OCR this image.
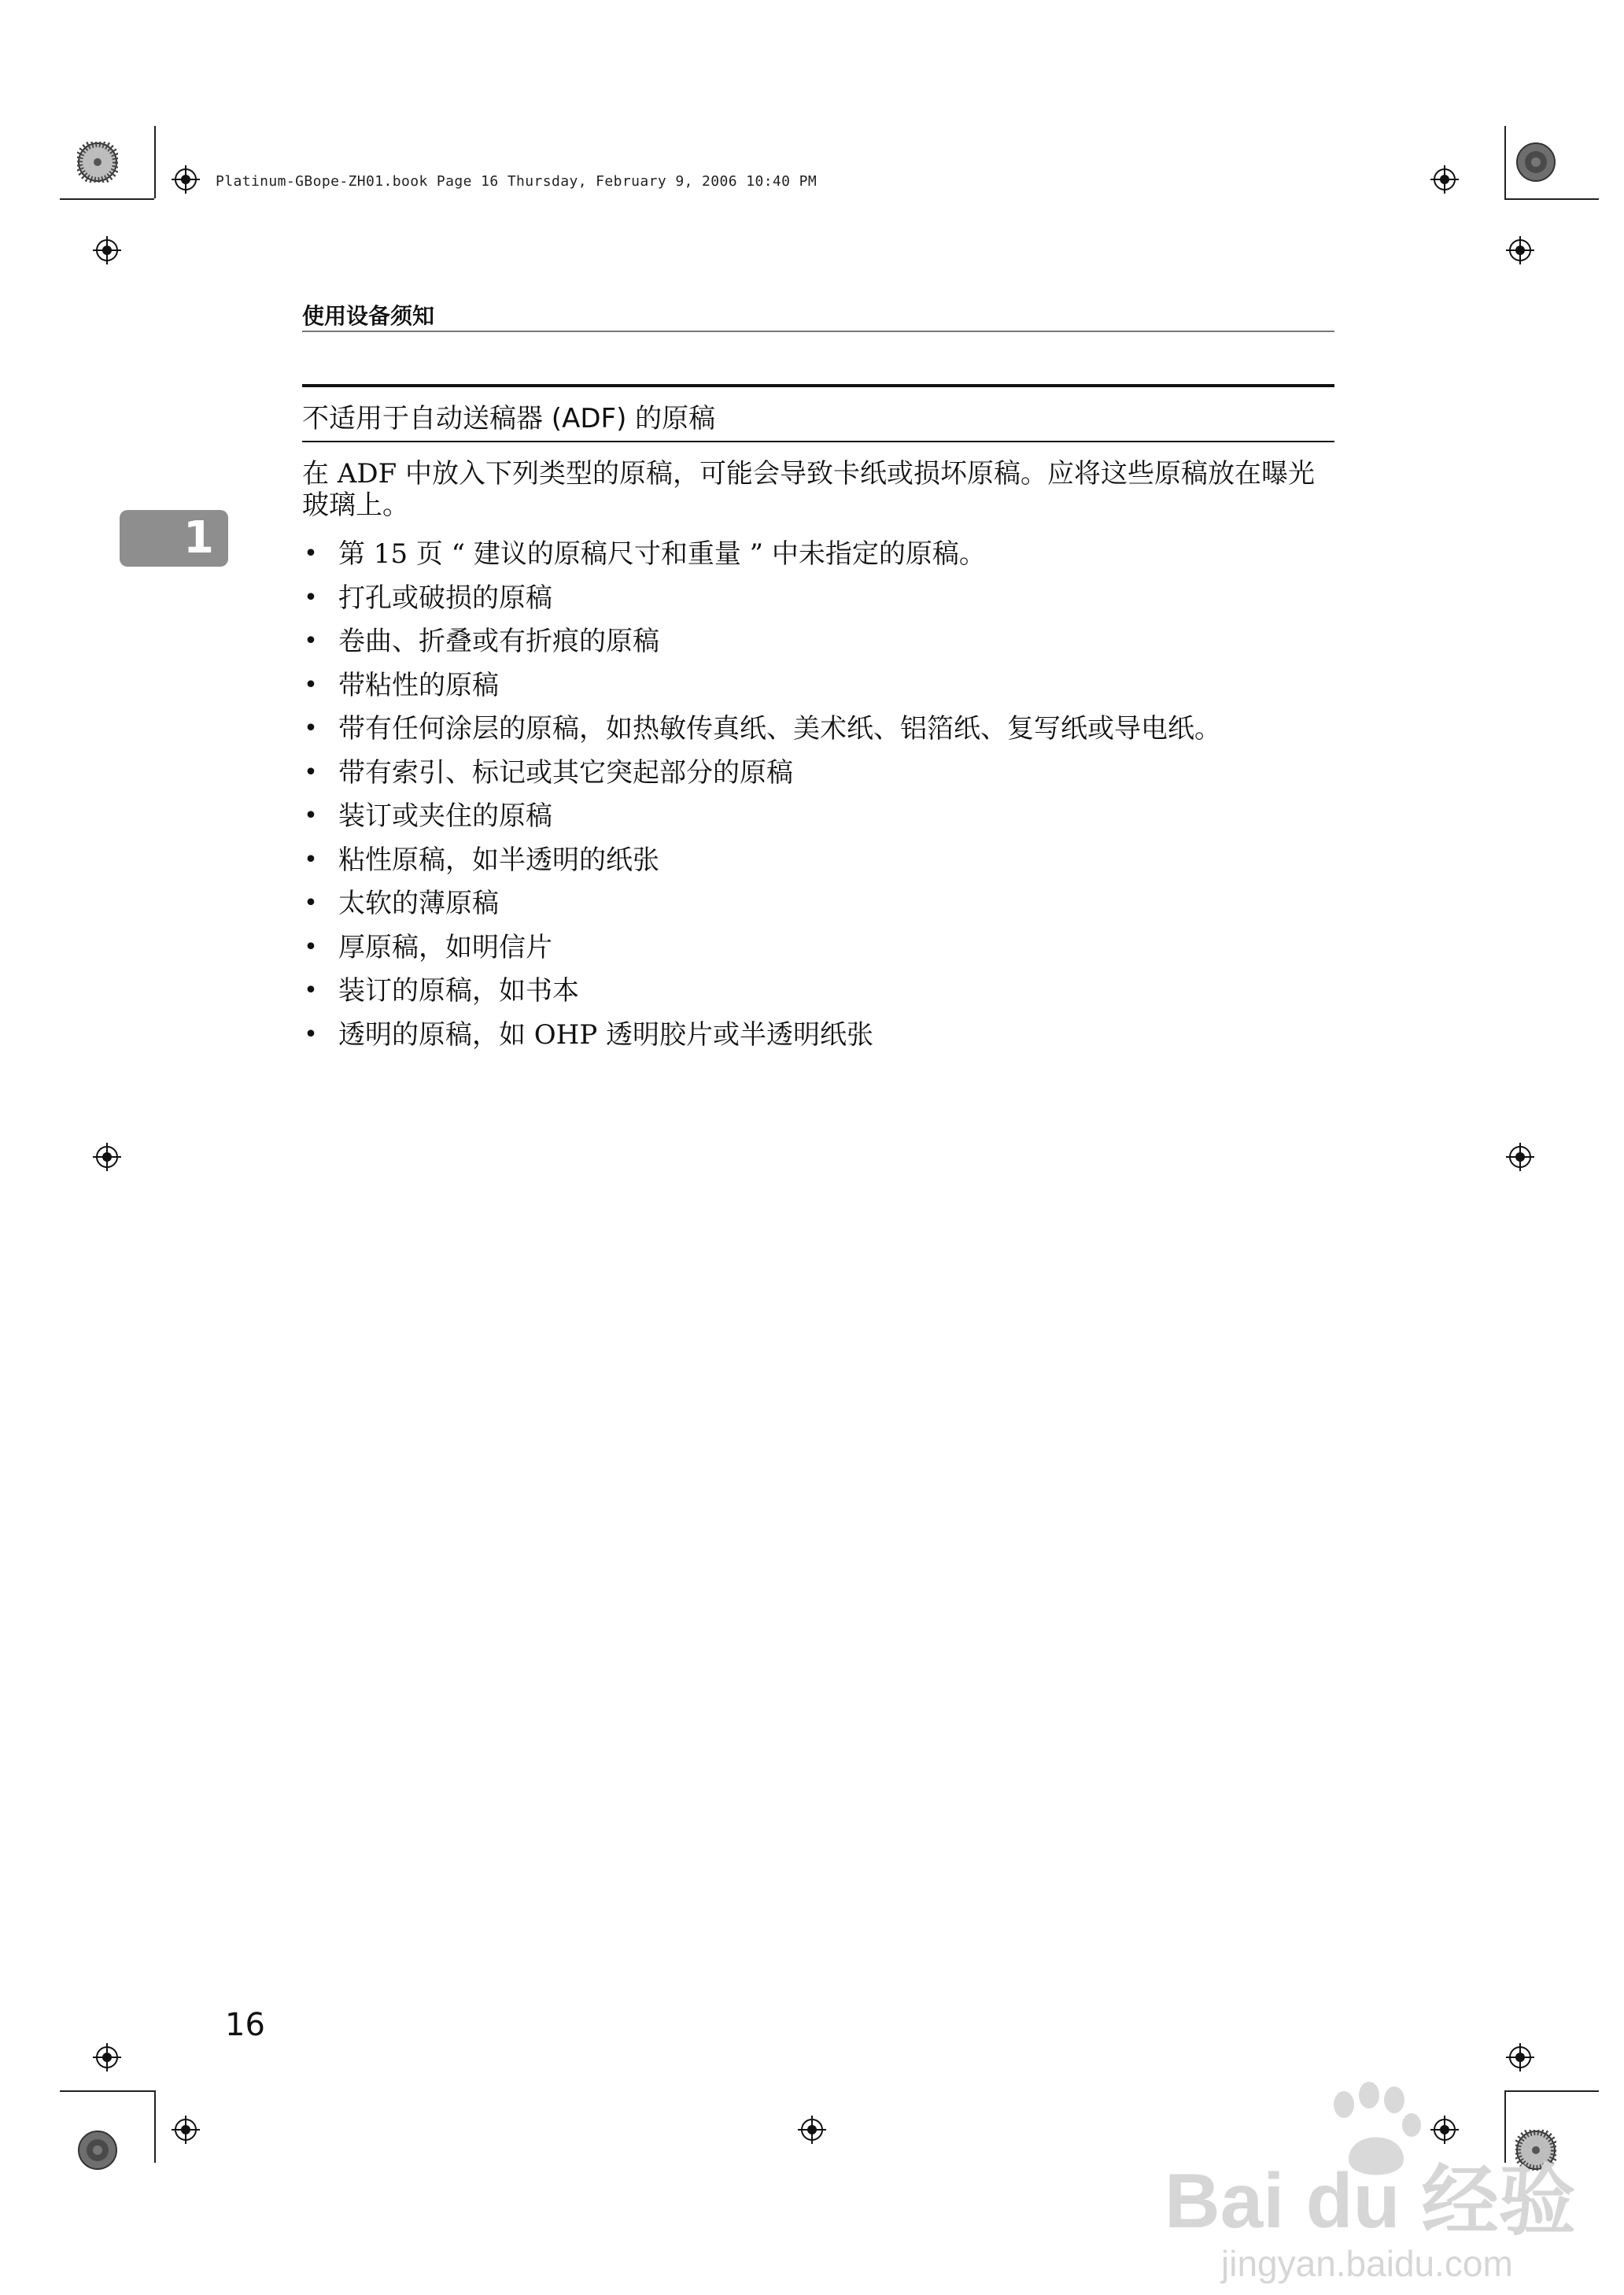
Platinum-GBope-ZH01.book Page 16 Thursday, February 9, 2006 10:40 PM
使用设备须知
不适用于自动送稿器 (ADF) 的原稿
1
在 ADF 中放入下列类型的原稿，可能会导致卡纸或损坏原稿。应将这些原稿放在曝光玻璃上。
• 第 15 页 “ 建议的原稿尺寸和重量 ” 中未指定的原稿。
• 打孔或破损的原稿
• 卷曲、折叠或有折痕的原稿
• 带粘性的原稿
• 带有任何涂层的原稿，如热敏传真纸、美术纸、铝箔纸、复写纸或导电纸。
• 带有索引、标记或其它突起部分的原稿
• 装订或夹住的原稿
• 粘性原稿，如半透明的纸张
• 太软的薄原稿
• 厚原稿，如明信片
• 装订的原稿，如书本
• 透明的原稿，如 OHP 透明胶片或半透明纸张
16
Bai du 经验
jingyan.baidu.com
